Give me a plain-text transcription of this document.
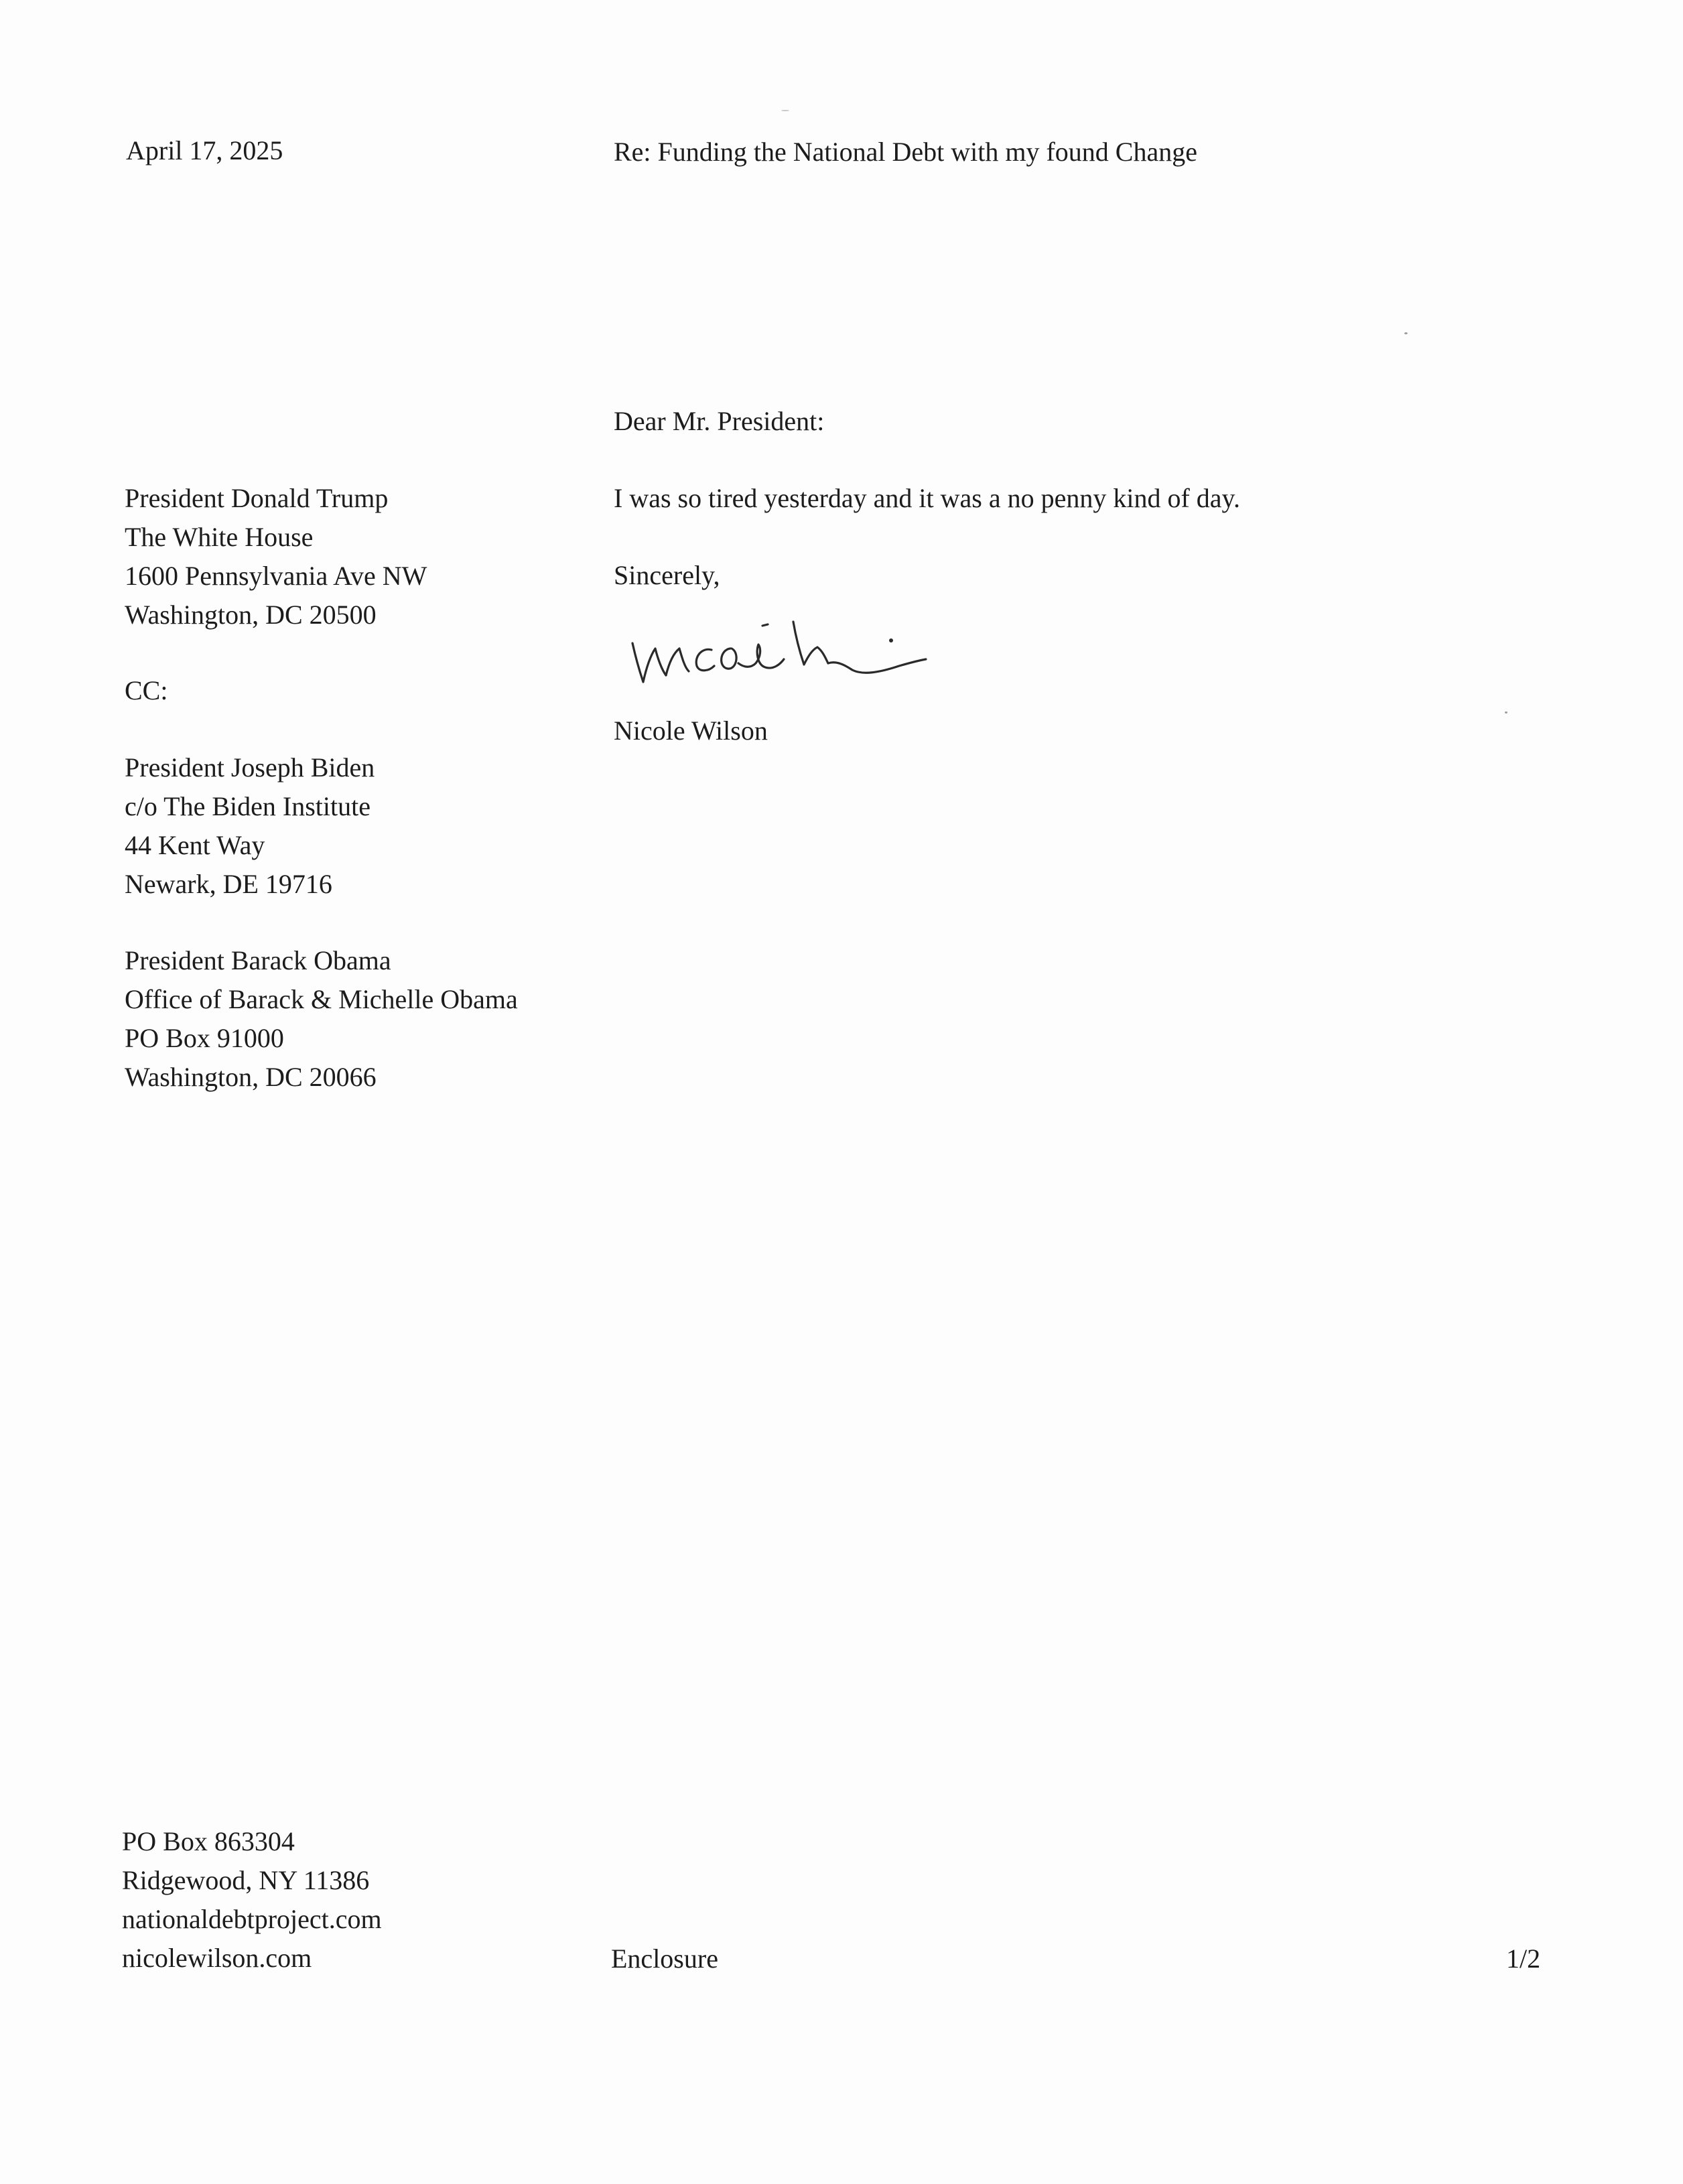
April 17, 2025	Re: Funding the National Debt with my found Change
Dear Mr. President:
I was so tired yesterday and it was a no penny kind of day.
Sincerely,
Nicole Wilson
President Donald Trump
The White House
1600 Pennsylvania Ave NW
Washington, DC 20500
CC:
President Joseph Biden
c/o The Biden Institute
44 Kent Way
Newark, DE 19716
President Barack Obama
Office of Barack & Michelle Obama
PO Box 91000
Washington, DC 20066
PO Box 863304
Ridgewood, NY 11386
nationaldebtproject.com
nicolewilson.com	Enclosure	1/2
